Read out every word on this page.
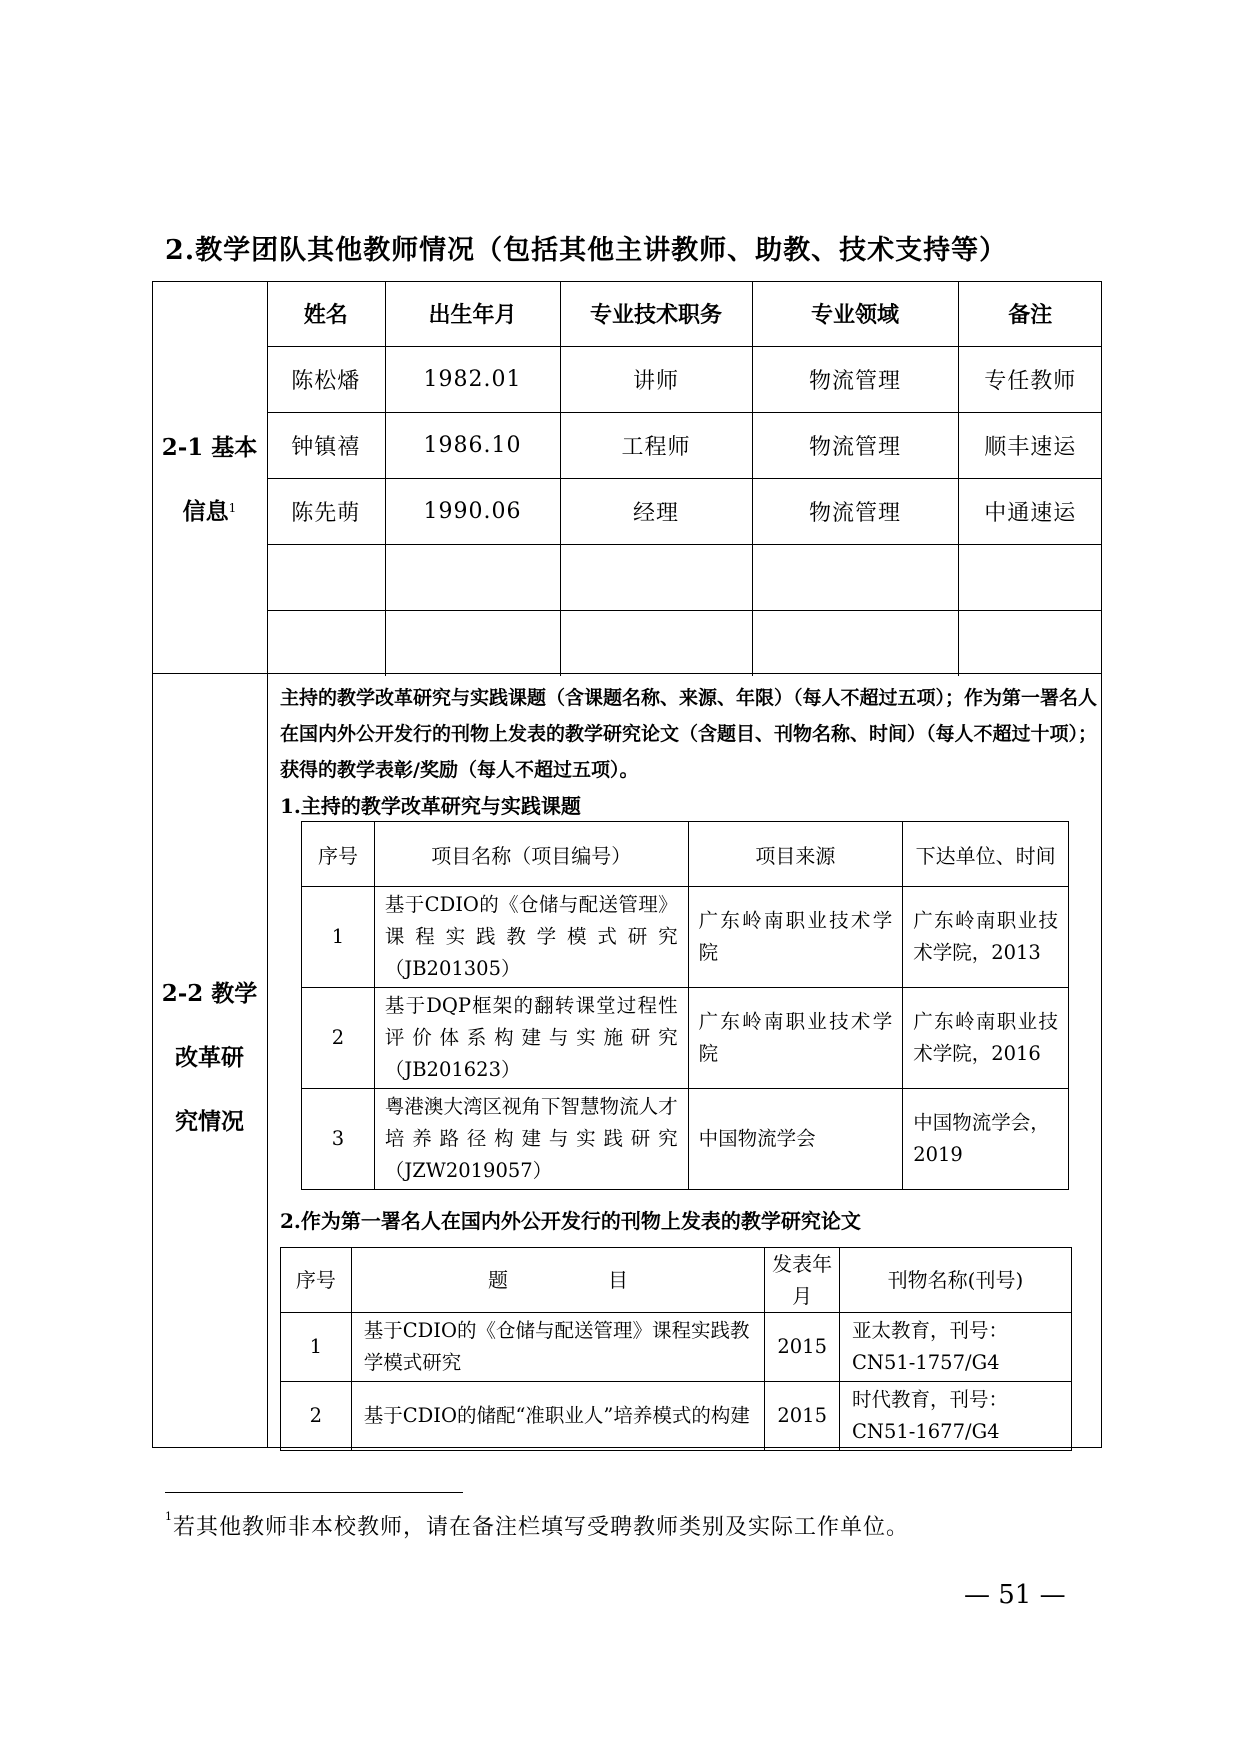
2.教学团队其他教师情况（包括其他主讲教师、助教、技术支持等）
2-1 基本
信息$^1$
姓名	出生年月	专业技术职务	专业领域	备注
陈松燔	1982.01	讲师	物流管理	专任教师
钟镇禧	1986.10	工程师	物流管理	顺丰速运
陈先萌	1990.06	经理	物流管理	中通速运

2-2 教学
改革研
究情况
主持的教学改革研究与实践课题（含课题名称、来源、年限）（每人不超过五项）；作为第一署名人在国内外公开发行的刊物上发表的教学研究论文（含题目、刊物名称、时间）（每人不超过十项）；获得的教学表彰/奖励（每人不超过五项）。
1.主持的教学改革研究与实践课题
序号	项目名称（项目编号）	项目来源	下达单位、时间
1	基于CDIO的《仓储与配送管理》课程实践教学模式研究（JB201305）	广东岭南职业技术学院	广东岭南职业技术学院，2013
2	基于DQP框架的翻转课堂过程性评价体系构建与实施研究（JB201623）	广东岭南职业技术学院	广东岭南职业技术学院，2016
3	粤港澳大湾区视角下智慧物流人才培养路径构建与实践研究（JZW2019057）	中国物流学会	中国物流学会，2019
2.作为第一署名人在国内外公开发行的刊物上发表的教学研究论文
序号	题　　　　　目	发表年月	刊物名称(刊号)
1	基于CDIO的《仓储与配送管理》课程实践教学模式研究	2015	亚太教育，刊号：CN51-1757/G4
2	基于CDIO的储配“准职业人”培养模式的构建	2015	时代教育，刊号：CN51-1677/G4
$^1$若其他教师非本校教师，请在备注栏填写受聘教师类别及实际工作单位。
— 51 —
